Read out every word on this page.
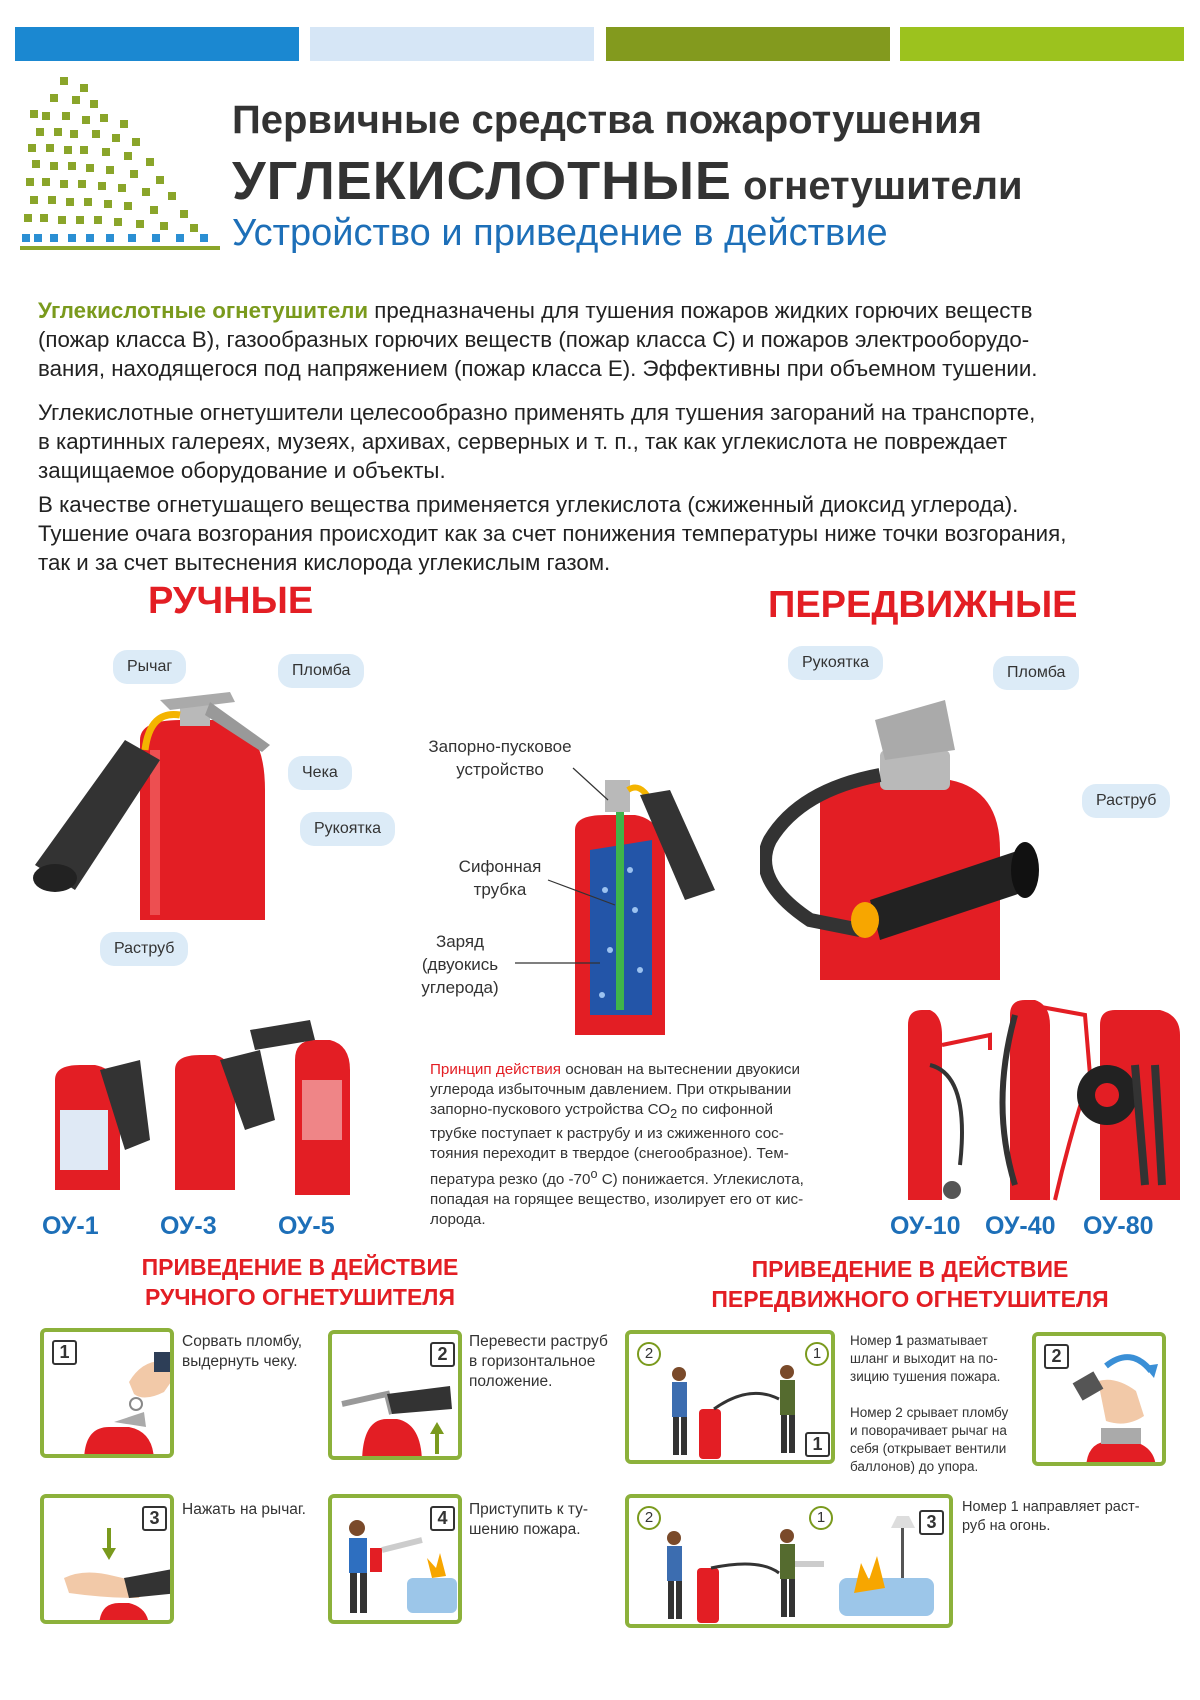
Первичные средства пожаротушения
УГЛЕКИСЛОТНЫЕ огнетушители
Устройство и приведение в действие
Углекислотные огнетушители предназначены для тушения пожаров жидких горючих веществ
(пожар класса В), газообразных горючих веществ (пожар класса С) и пожаров электрооборудо-
вания, находящегося под напряжением (пожар класса Е). Эффективны при объемном тушении.
Углекислотные огнетушители целесообразно применять для тушения загораний на транспорте,
в картинных галереях, музеях, архивах, серверных и т. п., так как углекислота не повреждает
защищаемое оборудование и объекты.
В качестве огнетушащего вещества применяется углекислота (сжиженный диоксид углерода).
Тушение очага возгорания происходит как за счет понижения температуры ниже точки возгорания,
так и за счет вытеснения кислорода углекислым газом.
РУЧНЫЕ	ПЕРЕДВИЖНЫЕ
Рычаг	Пломба
Чека
Рукоятка
Раструб
Запорно-пусковое
устройство
Сифонная
трубка
Заряд
(двуокись
углерода)
Рукоятка
Пломба
Раструб
ОУ-1 ОУ-3 ОУ-5
Принцип действия основан на вытеснении двуокиси
углерода избыточным давлением. При открывании
запорно-пускового устройства $СО_2$ по сифонной
трубке поступает к раструбу и из сжиженного сос-
тояния переходит в твердое (снегообразное). Тем-
пература резко (до -70$^o$ С) понижается. Углекислота,
попадая на горящее вещество, изолирует его от кис-
лорода.	ОУ-10 ОУ-40 ОУ-80
ПРИВЕДЕНИЕ В ДЕЙСТВИЕ
РУЧНОГО ОГНЕТУШИТЕЛЯ
ПРИВЕДЕНИЕ В ДЕЙСТВИЕ
ПЕРЕДВИЖНОГО ОГНЕТУШИТЕЛЯ
1
Сорвать пломбу,
выдернуть чеку.	2
Перевести раструб
в горизонтальное
положение.
3	Нажать на рычаг.	4	Приступить к ту-
шению пожара.
2	1
1
Номер 1 разматывает
шланг и выходит на по-
зицию тушения пожара.
Номер 2 срывает пломбу
и поворачивает рычаг на
себя (открывает вентили
баллонов) до упора.
2
2	1	3
Номер 1 направляет раст-
руб на огонь.
